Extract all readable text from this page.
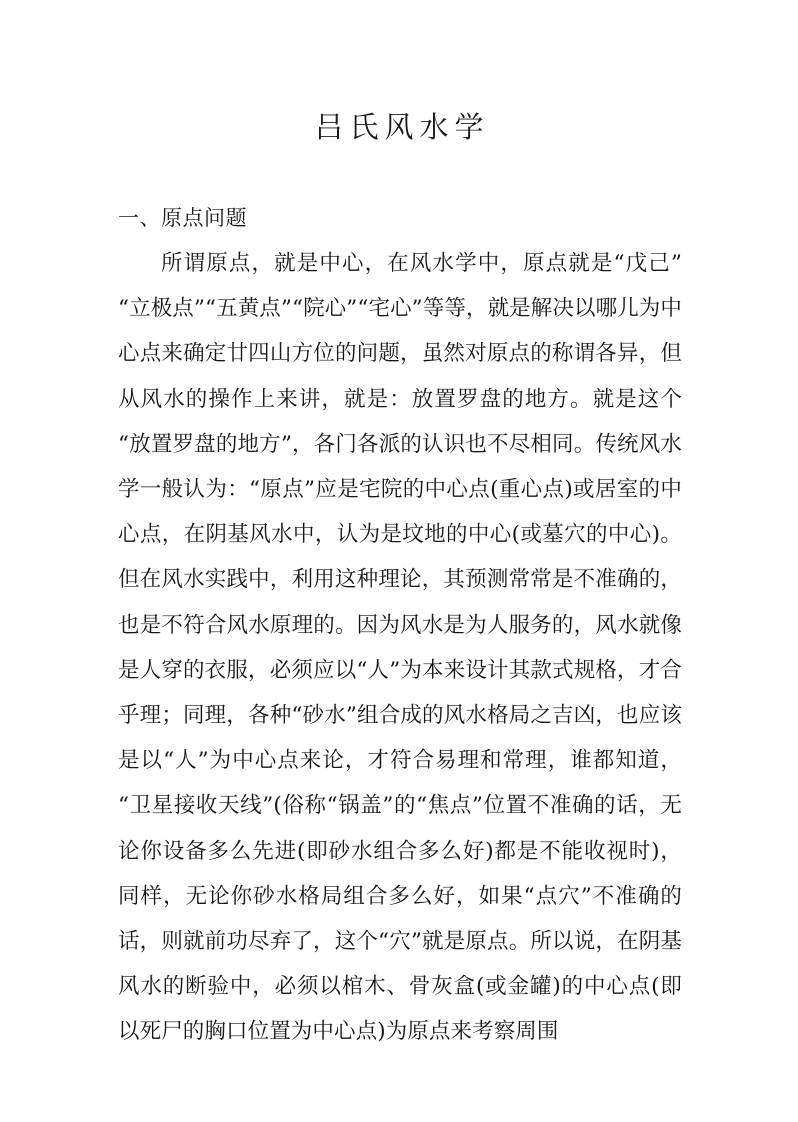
吕氏风水学
一、原点问题

所谓原点，就是中心，在风水学中，原点就是“戊己”“立极点”“五黄点”“院心”“宅心”等等，就是解决以哪儿为中心点来确定廿四山方位的问题，虽然对原点的称谓各异，但从风水的操作上来讲，就是：放置罗盘的地方。就是这个“放置罗盘的地方”，各门各派的认识也不尽相同。传统风水学一般认为：“原点”应是宅院的中心点(重心点)或居室的中心点，在阴基风水中，认为是坟地的中心(或墓穴的中心)。但在风水实践中，利用这种理论，其预测常常是不准确的，也是不符合风水原理的。因为风水是为人服务的，风水就像是人穿的衣服，必须应以“人”为本来设计其款式规格，才合乎理；同理，各种“砂水”组合成的风水格局之吉凶，也应该是以“人”为中心点来论，才符合易理和常理，谁都知道，“卫星接收天线”(俗称“锅盖”的“焦点”位置不准确的话，无论你设备多么先进(即砂水组合多么好)都是不能收视时)，同样，无论你砂水格局组合多么好，如果“点穴”不准确的话，则就前功尽弃了，这个“穴”就是原点。所以说，在阴基风水的断验中，必须以棺木、骨灰盒(或金罐)的中心点(即以死尸的胸口位置为中心点)为原点来考察周围
